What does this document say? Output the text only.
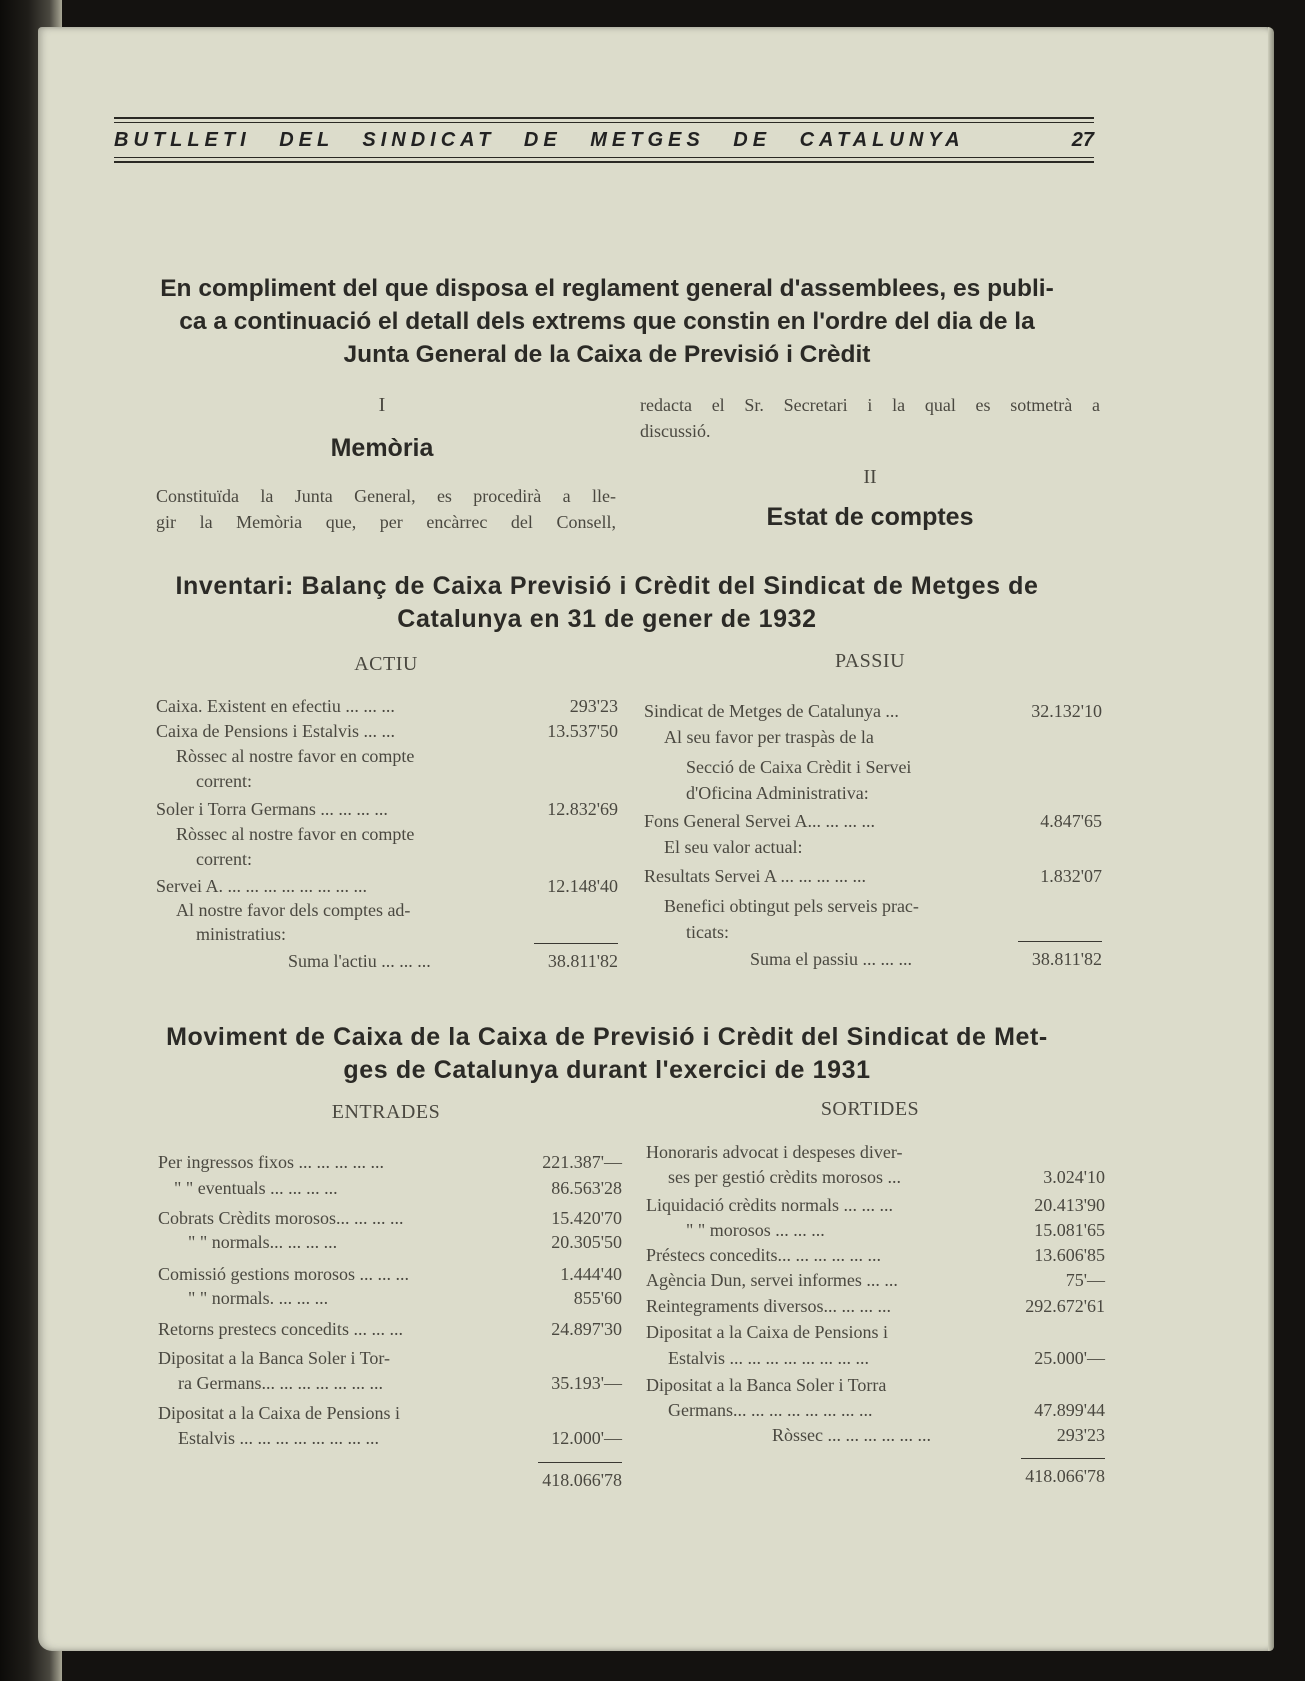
BUTLLETI DEL SINDICAT DE METGES DE CATALUNYA	27
En compliment del que disposa el reglament general d'assemblees, es publi-
ca a continuació el detall dels extrems que constin en l'ordre del dia de la
Junta General de la Caixa de Previsió i Crèdit
I
Memòria
Constituïda la Junta General, es procedirà a lle-
gir la Memòria que, per encàrrec del Consell,
redacta el Sr. Secretari i la qual es sotmetrà a
discussió.
II
Estat de comptes
Inventari: Balanç de Caixa Previsió i Crèdit del Sindicat de Metges de
Catalunya en 31 de gener de 1932
ACTIU	PASSIU
Caixa. Existent en efectiu ... ... ...	293'23
Caixa de Pensions i Estalvis ... ...	13.537'50
Ròssec al nostre favor en compte
corrent:
Soler i Torra Germans ... ... ... ...	12.832'69
Ròssec al nostre favor en compte
corrent:
Servei A. ... ... ... ... ... ... ... ...	12.148'40
Al nostre favor dels comptes ad-
ministratius:
Suma l'actiu ... ... ...	38.811'82
Sindicat de Metges de Catalunya ...	32.132'10
Al seu favor per traspàs de la
Secció de Caixa Crèdit i Servei
d'Oficina Administrativa:
Fons General Servei A... ... ... ...	4.847'65
El seu valor actual:
Resultats Servei A ... ... ... ... ...	1.832'07
Benefici obtingut pels serveis prac-
ticats:
Suma el passiu ... ... ...	38.811'82
Moviment de Caixa de la Caixa de Previsió i Crèdit del Sindicat de Met-
ges de Catalunya durant l'exercici de 1931
ENTRADES	SORTIDES
Per ingressos fixos ... ... ... ... ...	221.387'—
" " eventuals ... ... ... ...	86.563'28
Cobrats Crèdits morosos... ... ... ...	15.420'70
" " normals... ... ... ...	20.305'50
Comissió gestions morosos ... ... ...	1.444'40
" " normals. ... ... ...	855'60
Retorns prestecs concedits ... ... ...	24.897'30
Dipositat a la Banca Soler i Tor-
ra Germans... ... ... ... ... ... ...	35.193'—
Dipositat a la Caixa de Pensions i
Estalvis ... ... ... ... ... ... ... ...	12.000'—
418.066'78
Honoraris advocat i despeses diver-
ses per gestió crèdits morosos ...	3.024'10
Liquidació crèdits normals ... ... ...	20.413'90
" " morosos ... ... ...	15.081'65
Préstecs concedits... ... ... ... ... ...	13.606'85
Agència Dun, servei informes ... ...	75'—
Reintegraments diversos... ... ... ...	292.672'61
Dipositat a la Caixa de Pensions i
Estalvis ... ... ... ... ... ... ... ...	25.000'—
Dipositat a la Banca Soler i Torra
Germans... ... ... ... ... ... ... ...	47.899'44
Ròssec ... ... ... ... ... ...	293'23
418.066'78
